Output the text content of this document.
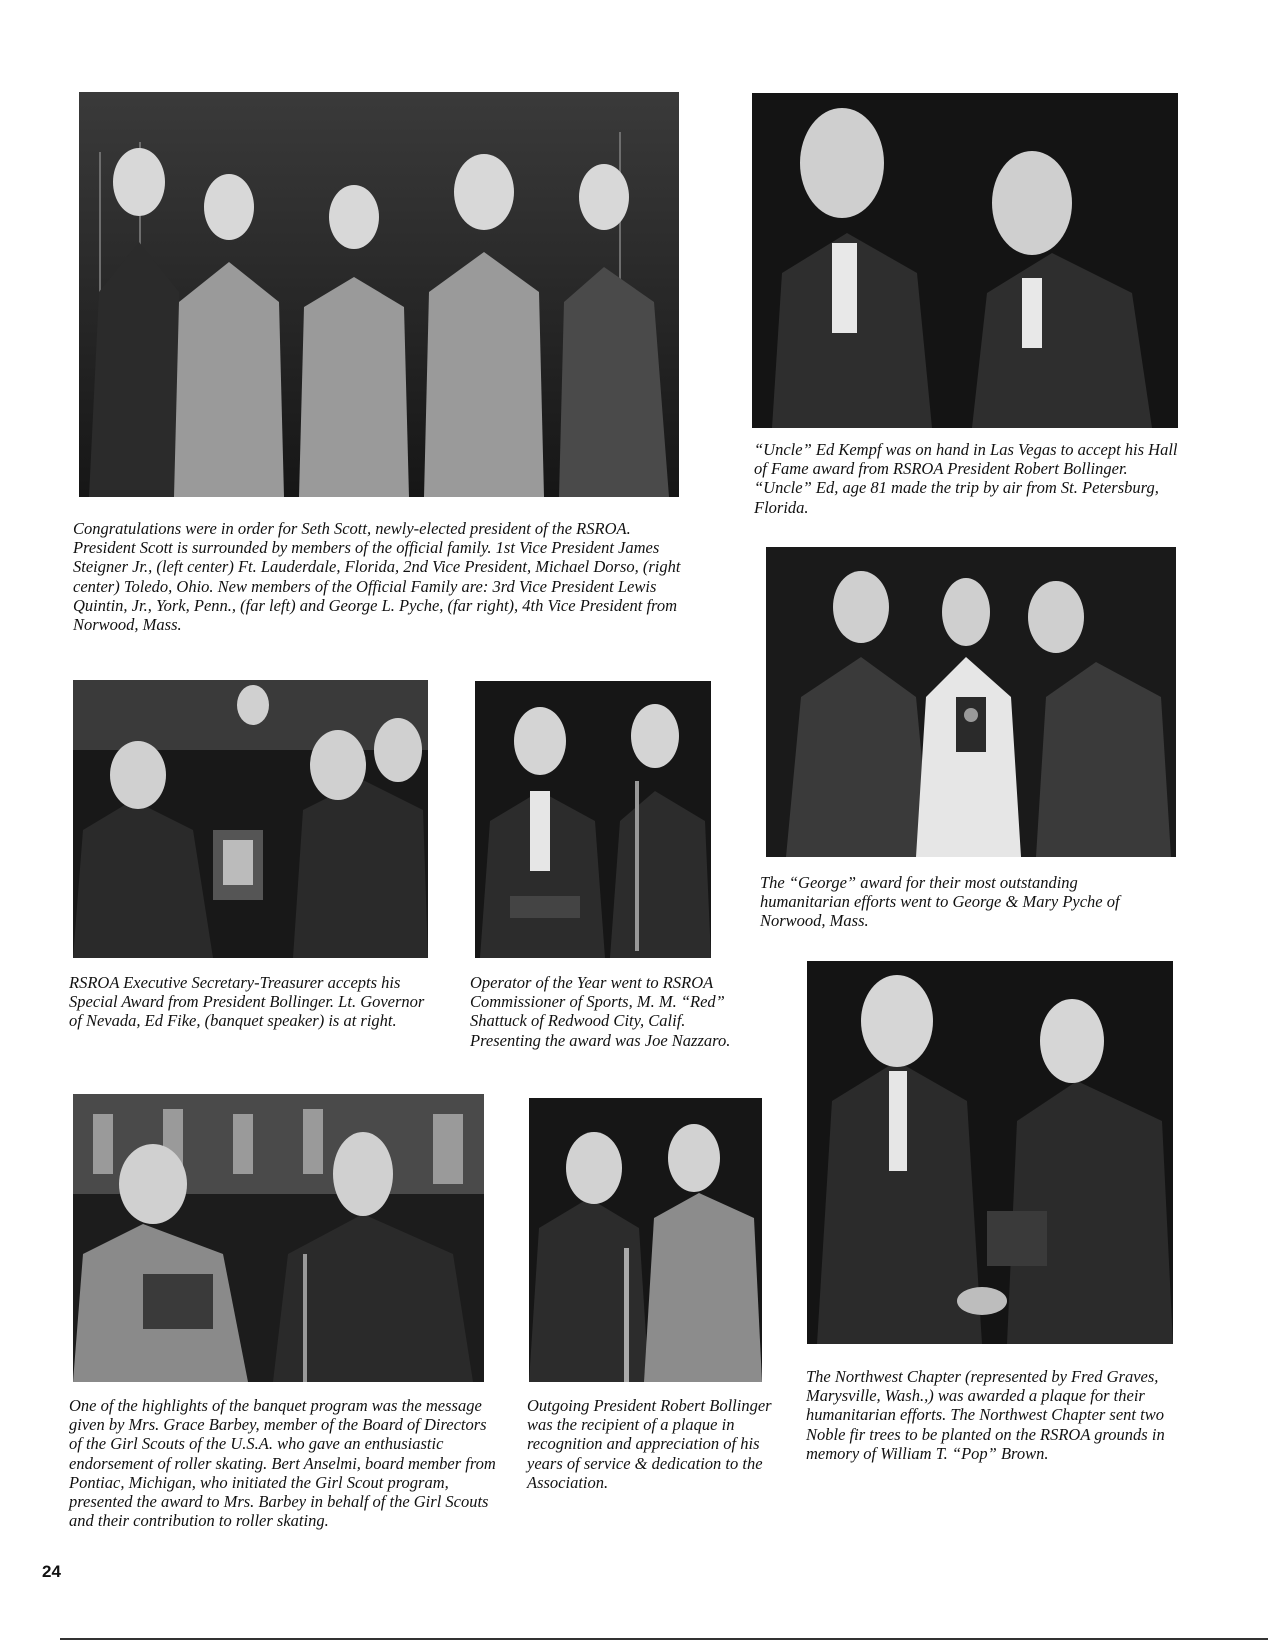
Congratulations were in order for Seth Scott, newly-elected president of the RSROA. President Scott is surrounded by members of the official family. 1st Vice President James Steigner Jr., (left center) Ft. Lauderdale, Florida, 2nd Vice President, Michael Dorso, (right center) Toledo, Ohio. New members of the Official Family are: 3rd Vice President Lewis Quintin, Jr., York, Penn., (far left) and George L. Pyche, (far right), 4th Vice President from Norwood, Mass.

“Uncle” Ed Kempf was on hand in Las Vegas to accept his Hall of Fame award from RSROA President Robert Bollinger. “Uncle” Ed, age 81 made the trip by air from St. Petersburg, Florida.

The “George” award for their most outstanding humanitarian efforts went to George & Mary Pyche of Norwood, Mass.

RSROA Executive Secretary-Treasurer accepts his Special Award from President Bollinger. Lt. Governor of Nevada, Ed Fike, (banquet speaker) is at right.

Operator of the Year went to RSROA Commissioner of Sports, M. M. “Red” Shattuck of Redwood City, Calif. Presenting the award was Joe Nazzaro.

The Northwest Chapter (represented by Fred Graves, Marysville, Wash.,) was awarded a plaque for their humanitarian efforts. The Northwest Chapter sent two Noble fir trees to be planted on the RSROA grounds in memory of William T. “Pop” Brown.

One of the highlights of the banquet program was the message given by Mrs. Grace Barbey, member of the Board of Directors of the Girl Scouts of the U.S.A. who gave an enthusiastic endorsement of roller skating. Bert Anselmi, board member from Pontiac, Michigan, who initiated the Girl Scout program, presented the award to Mrs. Barbey in behalf of the Girl Scouts and their contribution to roller skating.

Outgoing President Robert Bollinger was the recipient of a plaque in recognition and appreciation of his years of service & dedication to the Association.

24
